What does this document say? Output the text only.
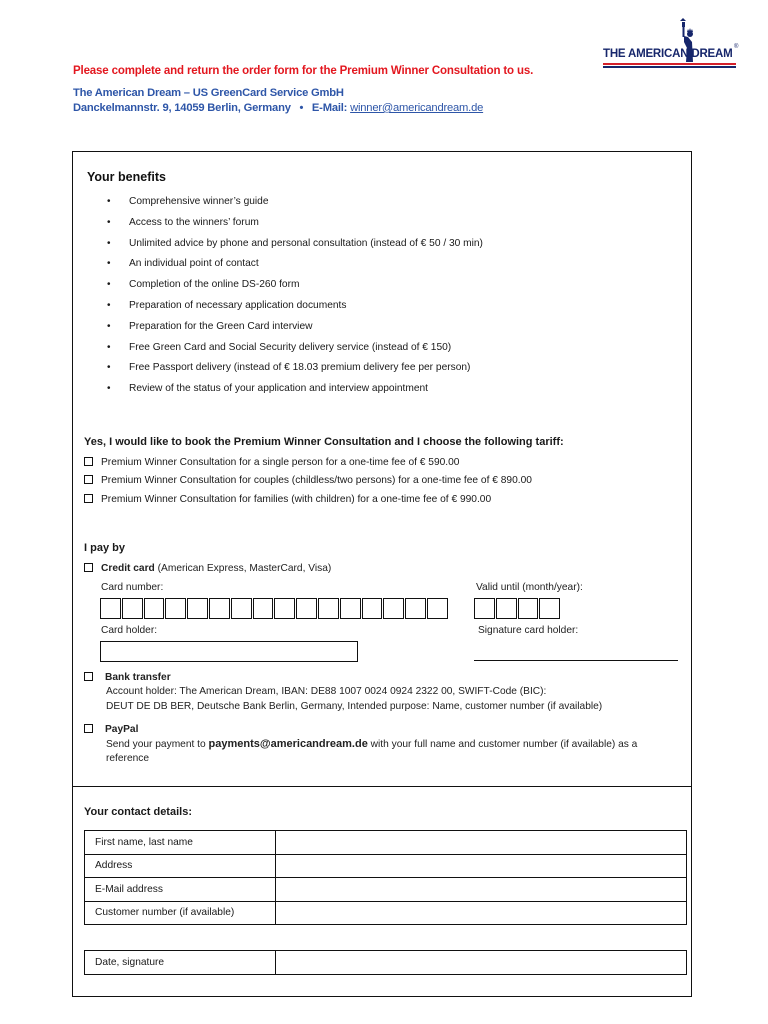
THE AMERICAN DREAM
®
Please complete and return the order form for the Premium Winner Consultation to us.
The American Dream – US GreenCard Service GmbH
Danckelmannstr. 9, 14059 Berlin, Germany • E-Mail: winner@americandream.de
Your benefits
• Comprehensive winner’s guide
• Access to the winners’ forum
• Unlimited advice by phone and personal consultation (instead of € 50 / 30 min)
• An individual point of contact
• Completion of the online DS-260 form
• Preparation of necessary application documents
• Preparation for the Green Card interview
• Free Green Card and Social Security delivery service (instead of € 150)
• Free Passport delivery (instead of € 18.03 premium delivery fee per person)
• Review of the status of your application and interview appointment
Yes, I would like to book the Premium Winner Consultation and I choose the following tariff:
Premium Winner Consultation for a single person for a one-time fee of € 590.00
Premium Winner Consultation for couples (childless/two persons) for a one-time fee of € 890.00
Premium Winner Consultation for families (with children) for a one-time fee of € 990.00
I pay by
Credit card (American Express, MasterCard, Visa)
Card number:	Valid until (month/year):
Card holder:	Signature card holder:
Bank transfer
Account holder: The American Dream, IBAN: DE88 1007 0024 0924 2322 00, SWIFT-Code (BIC):
DEUT DE DB BER, Deutsche Bank Berlin, Germany, Intended purpose: Name, customer number (if available)
PayPal
Send your payment to payments@americandream.de with your full name and customer number (if available) as a
reference
Your contact details:
First name, last name	
Address	
E-Mail address	
Customer number (if available)	
Date, signature	
